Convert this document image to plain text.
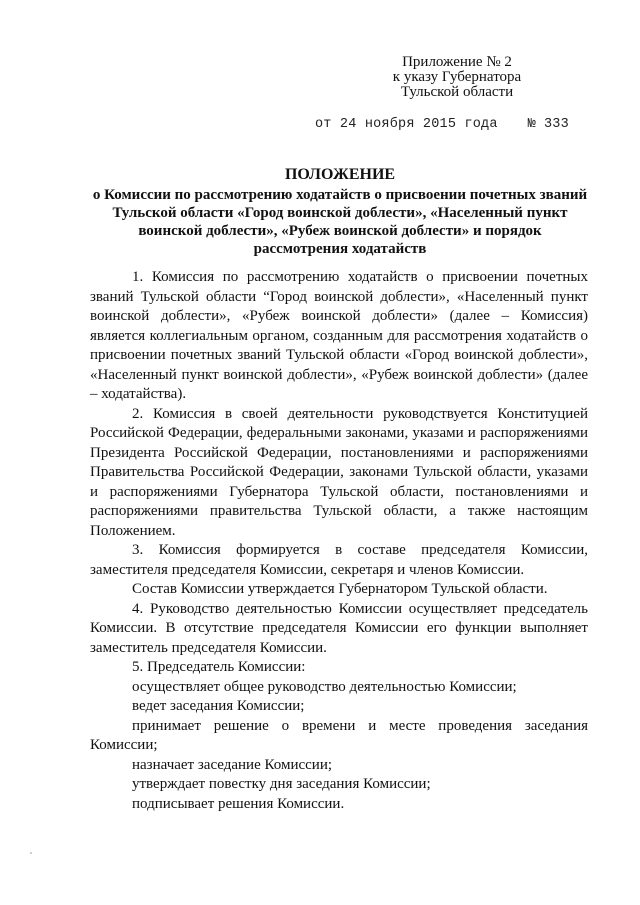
Приложение № 2
к указу Губернатора
Тульской области
от 24 ноября 2015 года № 333
ПОЛОЖЕНИЕ
о Комиссии по рассмотрению ходатайств о присвоении почетных званий
Тульской области «Город воинской доблести», «Населенный пункт
воинской доблести», «Рубеж воинской доблести» и порядок
рассмотрения ходатайств

1. Комиссия по рассмотрению ходатайств о присвоении почетных званий Тульской области “Город воинской доблести», «Населенный пункт воинской доблести», «Рубеж воинской доблести» (далее – Комиссия) является коллегиальным органом, созданным для рассмотрения ходатайств о присвоении почетных званий Тульской области «Город воинской доблести», «Населенный пункт воинской доблести», «Рубеж воинской доблести» (далее – ходатайства).

2. Комиссия в своей деятельности руководствуется Конституцией Российской Федерации, федеральными законами, указами и распоряжениями Президента Российской Федерации, постановлениями и распоряжениями Правительства Российской Федерации, законами Тульской области, указами и распоряжениями Губернатора Тульской области, постановлениями и распоряжениями правительства Тульской области, а также настоящим Положением.

3. Комиссия формируется в составе председателя Комиссии, заместителя председателя Комиссии, секретаря и членов Комиссии.

Состав Комиссии утверждается Губернатором Тульской области.

4. Руководство деятельностью Комиссии осуществляет председатель Комиссии. В отсутствие председателя Комиссии его функции выполняет заместитель председателя Комиссии.

5. Председатель Комиссии:

осуществляет общее руководство деятельностью Комиссии;

ведет заседания Комиссии;

принимает решение о времени и месте проведения заседания Комиссии;

назначает заседание Комиссии;

утверждает повестку дня заседания Комиссии;

подписывает решения Комиссии.
